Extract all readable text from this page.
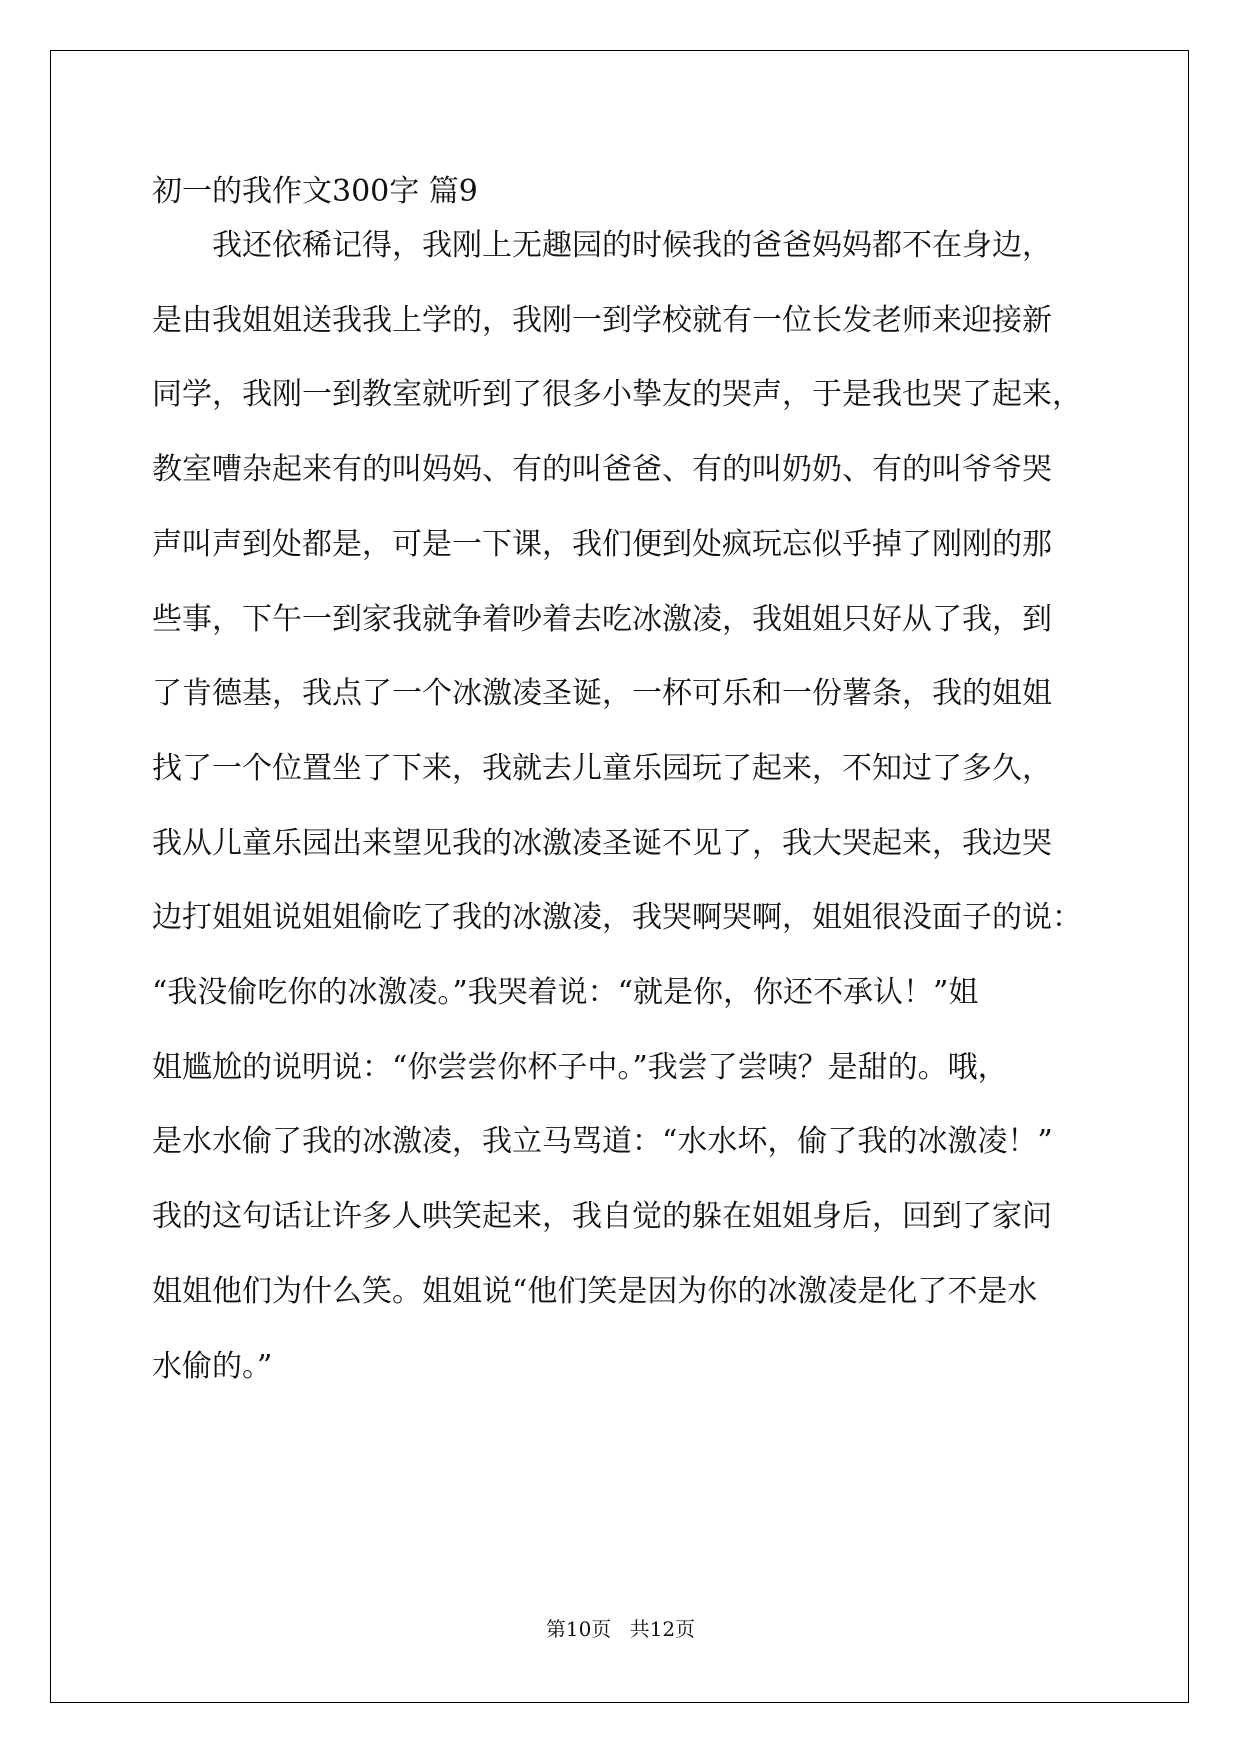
初一的我作文300字 篇9
　　我还依稀记得，我刚上无趣园的时候我的爸爸妈妈都不在身边，
是由我姐姐送我我上学的，我刚一到学校就有一位长发老师来迎接新
同学，我刚一到教室就听到了很多小挚友的哭声，于是我也哭了起来，
教室嘈杂起来有的叫妈妈、有的叫爸爸、有的叫奶奶、有的叫爷爷哭
声叫声到处都是，可是一下课，我们便到处疯玩忘似乎掉了刚刚的那
些事，下午一到家我就争着吵着去吃冰激凌，我姐姐只好从了我，到
了肯德基，我点了一个冰激凌圣诞，一杯可乐和一份薯条，我的姐姐
找了一个位置坐了下来，我就去儿童乐园玩了起来，不知过了多久，
我从儿童乐园出来望见我的冰激凌圣诞不见了，我大哭起来，我边哭
边打姐姐说姐姐偷吃了我的冰激凌，我哭啊哭啊，姐姐很没面子的说：
“我没偷吃你的冰激凌。”我哭着说：“就是你，你还不承认！”姐
姐尴尬的说明说：“你尝尝你杯子中。”我尝了尝咦？是甜的。哦，
是水水偷了我的冰激凌，我立马骂道：“水水坏，偷了我的冰激凌！”
我的这句话让许多人哄笑起来，我自觉的躲在姐姐身后，回到了家问
姐姐他们为什么笑。姐姐说“他们笑是因为你的冰激凌是化了不是水
水偷的。”
第10页 共12页
